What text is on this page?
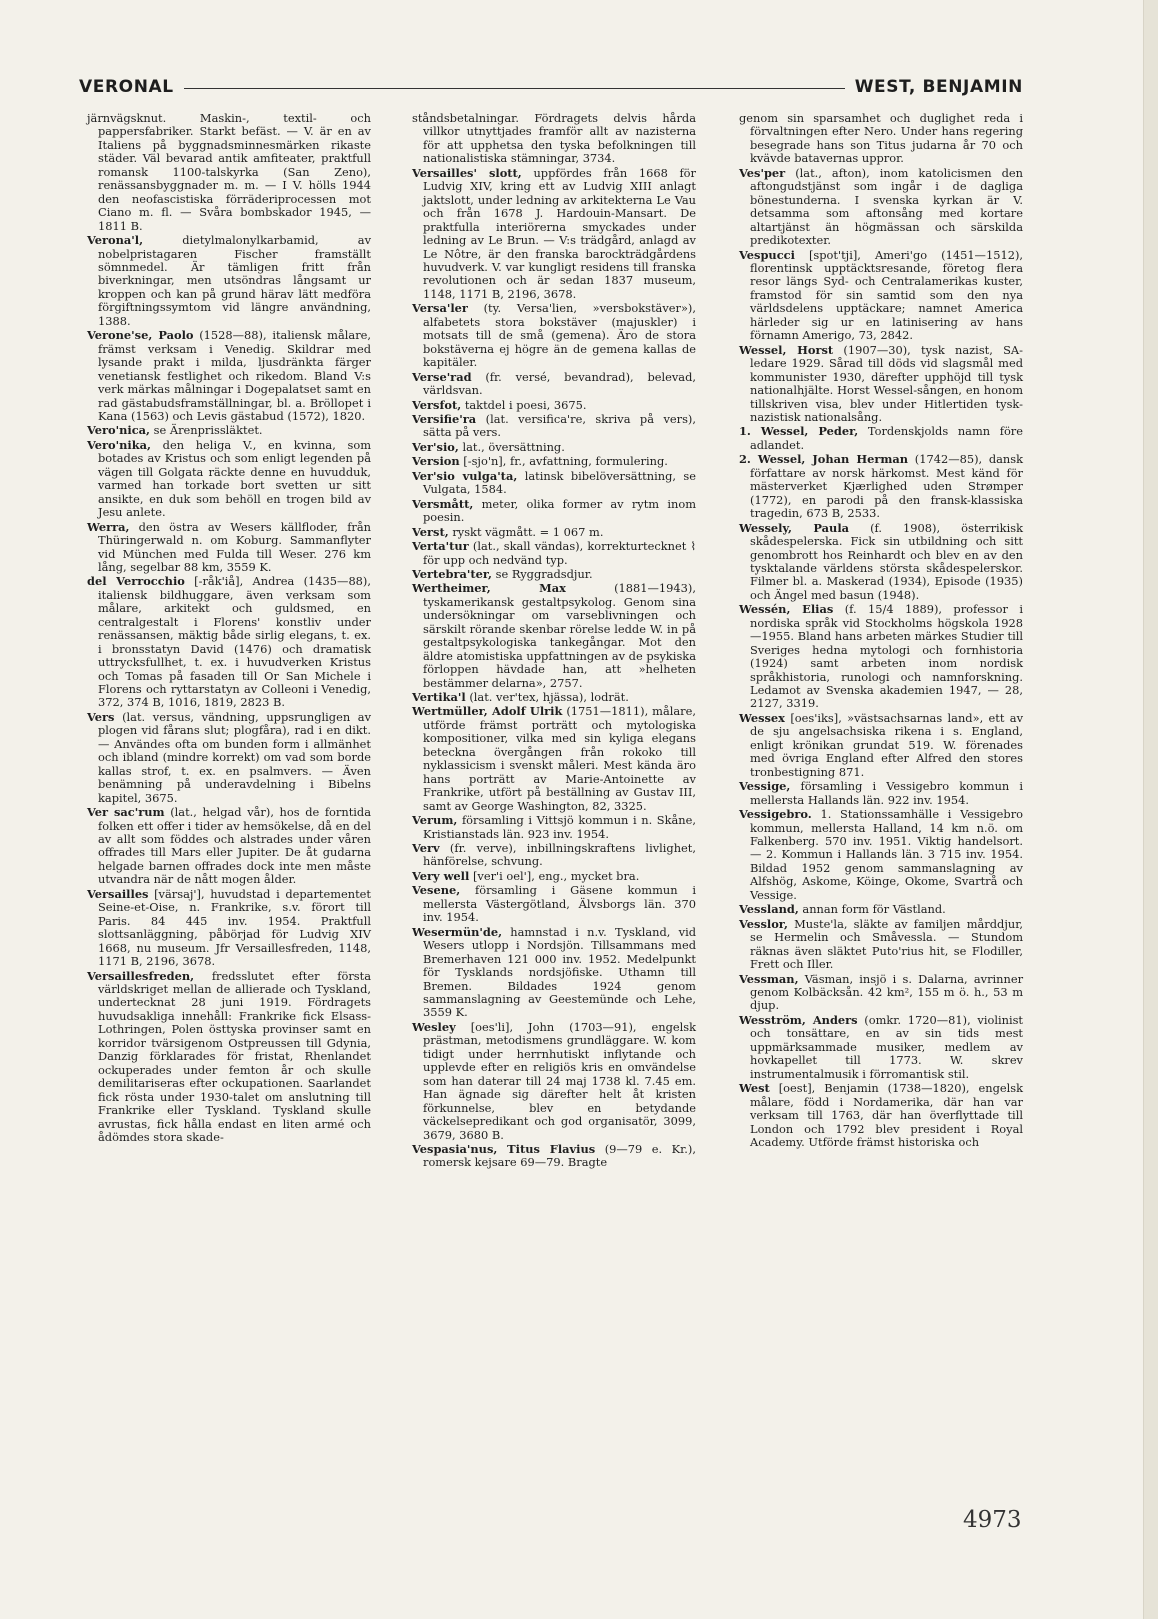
VERONAL	WEST, BENJAMIN

järnvägsknut. Maskin-, textil- och pappersfabriker. Starkt befäst. — V. är en av Italiens på byggnadsminnesmärken rikaste städer. Väl bevarad antik amfiteater, praktfull romansk 1100-talskyrka (San Zeno), renässansbyggnader m. m. — I V. hölls 1944 den neofascistiska förräderiprocessen mot Ciano m. fl. — Svåra bombskador 1945, — 1811 B.

Verona'l,	dietylmalonylkarbamid, av nobelpristagaren Fischer framställt sömnmedel. Är tämligen fritt från biverkningar, men utsöndras långsamt ur kroppen och kan på grund härav lätt medföra förgiftningssymtom vid längre användning, 1388.

Verone'se, Paolo (1528—88), italiensk målare, främst verksam i Venedig. Skildrar med lysande prakt i milda, ljusdränkta färger venetiansk festlighet och rikedom. Bland V:s verk märkas målningar i Dogepalatset samt en rad gästabudsframställningar, bl. a. Bröllopet i Kana (1563) och Levis gästabud (1572), 1820.

Vero'nica, se Ärenprissläktet.

Vero'nika, den heliga V., en kvinna, som botades av Kristus och som enligt legenden på vägen till Golgata räckte denne en huvudduk, varmed han torkade bort svetten ur sitt ansikte, en duk som behöll en trogen bild av Jesu anlete.

Werra, den östra av Wesers källfloder, från Thüringerwald n. om Koburg. Sammanflyter vid München med Fulda till Weser. 276 km lång, segelbar 88 km, 3559 K.

del Verrocchio [-råk'iå], Andrea (1435—88), italiensk bildhuggare, även verksam som målare, arkitekt och guldsmed, en centralgestalt i Florens' konstliv under renässansen, mäktig både sirlig elegans, t. ex. i bronsstatyn David (1476) och dramatisk uttrycksfullhet, t. ex. i huvudverken Kristus och Tomas på fasaden till Or San Michele i Florens och ryttarstatyn av Colleoni i Venedig, 372, 374 B, 1016, 1819, 2823 B.

Vers (lat. versus, vändning, uppsrungligen av plogen vid fårans slut; plogfåra), rad i en dikt. — Användes ofta om bunden form i allmänhet och ibland (mindre korrekt) om vad som borde kallas strof, t. ex. en psalmvers. — Även benämning på underavdelning i Bibelns kapitel, 3675.

Ver sac'rum (lat., helgad vår), hos de forntida folken ett offer i tider av hemsökelse, då en del av allt som föddes och alstrades under våren offrades till Mars eller Jupiter. De åt gudarna helgade barnen offrades dock inte men måste utvandra när de nått mogen ålder.

Versailles [värsaj'], huvudstad i departementet Seine-et-Oise, n. Frankrike, s.v. förort till Paris. 84 445 inv. 1954. Praktfull slottsanläggning, påbörjad för Ludvig XIV 1668, nu museum. Jfr Versaillesfreden, 1148, 1171 B, 2196, 3678.

Versaillesfreden, fredsslutet efter första världskriget mellan de allierade och Tyskland, undertecknat 28 juni 1919. Fördragets huvudsakliga innehåll: Frankrike fick Elsass-Lothringen, Polen östtyska provinser samt en korridor tvärsigenom Ostpreussen till Gdynia, Danzig förklarades för fristat, Rhenlandet ockuperades under femton år och skulle demilitariseras efter ockupationen. Saarlandet fick rösta under 1930-talet om anslutning till Frankrike eller Tyskland. Tyskland skulle avrustas, fick hålla endast en liten armé och ådömdes stora skade-

ståndsbetalningar. Fördragets delvis hårda villkor utnyttjades framför allt av nazisterna för att upphetsa den tyska befolkningen till nationalistiska stämningar, 3734.

Versailles' slott, uppfördes från 1668 för Ludvig XIV, kring ett av Ludvig XIII anlagt jaktslott, under ledning av arkitekterna Le Vau och från 1678 J. Hardouin-Mansart. De praktfulla interiörerna smyckades under ledning av Le Brun. — V:s trädgård, anlagd av Le Nôtre, är den franska barockträdgårdens huvudverk. V. var kungligt residens till franska revolutionen och är sedan 1837 museum, 1148, 1171 B, 2196, 3678.

Versa'ler (ty. Versa'lien, »versbokstäver»), alfabetets stora bokstäver (majuskler) i motsats till de små (gemena). Äro de stora bokstäverna ej högre än de gemena kallas de kapitäler.

Verse'rad (fr. versé, bevandrad), belevad, världsvan.

Versfot, taktdel i poesi, 3675.

Versifie'ra (lat. versifica're, skriva på vers), sätta på vers.

Ver'sio, lat., översättning.

Version [-sjo'n], fr., avfattning, formulering.

Ver'sio vulga'ta, latinsk bibelöversättning, se Vulgata, 1584.

Versmått, meter, olika former av rytm inom poesin.

Verst, ryskt vägmått. = 1 067 m.

Verta'tur (lat., skall vändas), korrekturtecknet ⌇ för upp och nedvänd typ.

Vertebra'ter, se Ryggradsdjur.

Wertheimer, Max	(1881—1943), tyskamerikansk gestaltpsykolog. Genom sina undersökningar om varseblivningen och särskilt rörande skenbar rörelse ledde W. in på gestaltpsykologiska tankegångar. Mot den äldre atomistiska uppfattningen av de psykiska förloppen hävdade han, att »helheten bestämmer delarna», 2757.

Vertika'l (lat. ver'tex, hjässa), lodrät.

Wertmüller, Adolf Ulrik (1751—1811), målare, utförde främst porträtt och mytologiska kompositioner, vilka med sin kyliga elegans beteckna övergången från rokoko till nyklassicism i svenskt måleri. Mest kända äro hans porträtt av Marie-Antoinette av Frankrike, utfört på beställning av Gustav III, samt av George Washington, 82, 3325.

Verum, församling i Vittsjö kommun i n. Skåne, Kristianstads län. 923 inv. 1954.

Verv (fr. verve), inbillningskraftens livlighet, hänförelse, schvung.

Very well [ver'i oel'], eng., mycket bra.

Vesene, församling i Gäsene kommun i mellersta Västergötland, Älvsborgs län. 370 inv. 1954.

Wesermün'de, hamnstad i n.v. Tyskland, vid Wesers utlopp i Nordsjön. Tillsammans med Bremerhaven 121 000 inv. 1952. Medelpunkt för Tysklands nordsjöfiske. Uthamn till Bremen. Bildades 1924 genom sammanslagning av Geestemünde och Lehe, 3559 K.

Wesley [oes'li], John (1703—91), engelsk prästman, metodismens grundläggare. W. kom tidigt under herrnhutiskt inflytande och upplevde efter en religiös kris en omvändelse som han daterar till 24 maj 1738 kl. 7.45 em. Han ägnade sig därefter helt åt kristen förkunnelse, blev en betydande väckelsepredikant och god organisatör, 3099, 3679, 3680 B.

Vespasia'nus, Titus Flavius (9—79 e. Kr.), romersk kejsare 69—79. Bragte

genom sin sparsamhet och duglighet reda i förvaltningen efter Nero. Under hans regering besegrade hans son Titus judarna år 70 och kvävde batavernas uppror.

Ves'per (lat., afton), inom katolicismen den aftongudstjänst som ingår i de dagliga bönestunderna. I svenska kyrkan är V. detsamma som aftonsång med kortare altartjänst än högmässan och särskilda predikotexter.

Vespucci [spot'tji], Ameri'go (1451—1512), florentinsk upptäcktsresande, företog flera resor längs Syd- och Centralamerikas kuster, framstod för sin samtid som den nya världsdelens upptäckare; namnet America härleder sig ur en latinisering av hans förnamn Amerigo, 73, 2842.

Wessel, Horst (1907—30), tysk nazist, SA-ledare 1929. Sårad till döds vid slagsmål med kommunister 1930, därefter upphöjd till tysk nationalhjälte. Horst Wessel-sången, en honom tillskriven visa, blev under Hitlertiden tysk-nazistisk nationalsång.

1. Wessel, Peder, Tordenskjolds namn före adlandet.

2. Wessel, Johan Herman (1742—85), dansk författare av norsk härkomst. Mest känd för mästerverket Kjærlighed uden Strømper (1772), en parodi på den fransk-klassiska tragedin, 673 B, 2533.

Wessely, Paula (f. 1908), österrikisk skådespelerska. Fick sin utbildning och sitt genombrott hos Reinhardt och blev en av den tysktalande världens största skådespelerskor. Filmer bl. a. Maskerad (1934), Episode (1935) och Ängel med basun (1948).

Wessén, Elias (f. 15/4 1889), professor i nordiska språk vid Stockholms högskola 1928—1955. Bland hans arbeten märkes Studier till Sveriges hedna mytologi och fornhistoria (1924) samt arbeten inom nordisk språkhistoria, runologi och namnforskning. Ledamot av Svenska akademien 1947, — 28, 2127, 3319.

Wessex [oes'iks], »västsachsarnas land», ett av de sju angelsachsiska rikena i s. England, enligt krönikan grundat 519. W. förenades med övriga England efter Alfred den stores tronbestigning 871.

Vessige, församling i Vessigebro kommun i mellersta Hallands län. 922 inv. 1954.

Vessigebro. 1. Stationssamhälle i Vessigebro kommun, mellersta Halland, 14 km n.ö. om Falkenberg. 570 inv. 1951. Viktig handelsort. — 2. Kommun i Hallands län. 3 715 inv. 1954. Bildad 1952 genom sammanslagning av Alfshög, Askome, Köinge, Okome, Svartrå och Vessige.

Vessland, annan form för Västland.

Vesslor, Muste'la, släkte av familjen mårddjur, se Hermelin och Småvessla. — Stundom räknas även släktet Puto'rius hit, se Flodiller, Frett och Iller.

Vessman, Väsman, insjö i s. Dalarna, avrinner genom Kolbäcksån. 42 km², 155 m ö. h., 53 m djup.

Wesström, Anders (omkr. 1720—81), violinist och tonsättare, en av sin tids mest uppmärksammade musiker, medlem av hovkapellet till 1773. W. skrev instrumentalmusik i förromantisk stil.

West [oest], Benjamin (1738—1820), engelsk målare, född i Nordamerika, där han var verksam till 1763, där han överflyttade till London och 1792 blev president i Royal Academy. Utförde främst historiska och

4973
